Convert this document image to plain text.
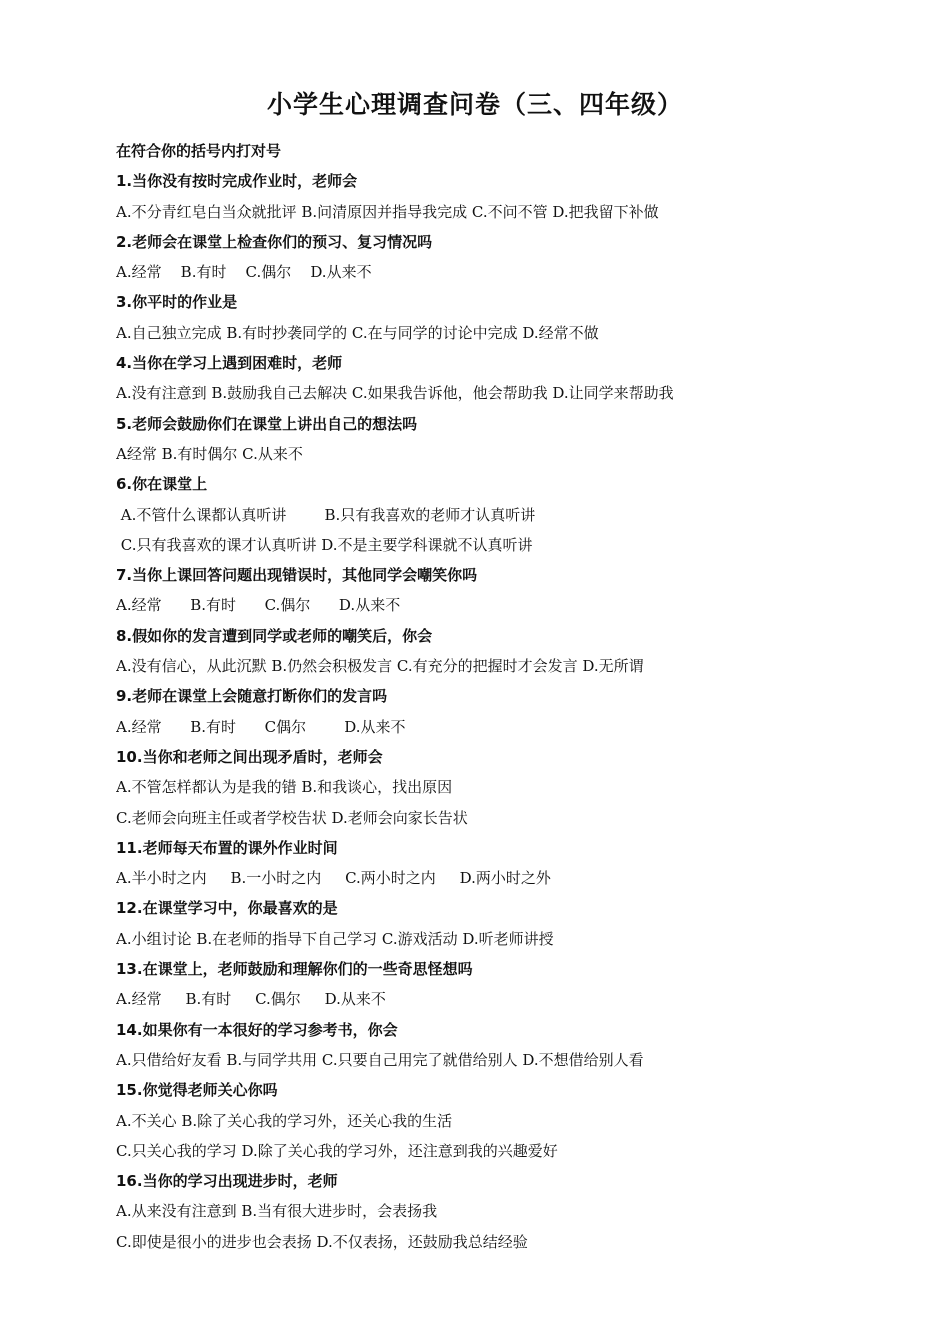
小学生心理调查问卷（三、四年级）
在符合你的括号内打对号
1.当你没有按时完成作业时，老师会
A.不分青红皂白当众就批评 B.问清原因并指导我完成 C.不问不管 D.把我留下补做
2.老师会在课堂上检查你们的预习、复习情况吗
A.经常    B.有时    C.偶尔    D.从来不
3.你平时的作业是
A.自己独立完成 B.有时抄袭同学的 C.在与同学的讨论中完成 D.经常不做
4.当你在学习上遇到困难时，老师
A.没有注意到 B.鼓励我自己去解决 C.如果我告诉他，他会帮助我 D.让同学来帮助我
5.老师会鼓励你们在课堂上讲出自己的想法吗
A经常 B.有时偶尔 C.从来不
6.你在课堂上
A.不管什么课都认真听讲        B.只有我喜欢的老师才认真听讲
C.只有我喜欢的课才认真听讲 D.不是主要学科课就不认真听讲
7.当你上课回答问题出现错误时，其他同学会嘲笑你吗
A.经常      B.有时      C.偶尔      D.从来不
8.假如你的发言遭到同学或老师的嘲笑后，你会
A.没有信心，从此沉默 B.仍然会积极发言 C.有充分的把握时才会发言 D.无所谓
9.老师在课堂上会随意打断你们的发言吗
A.经常      B.有时      C偶尔        D.从来不
10.当你和老师之间出现矛盾时，老师会
A.不管怎样都认为是我的错 B.和我谈心，找出原因
C.老师会向班主任或者学校告状 D.老师会向家长告状
11.老师每天布置的课外作业时间
A.半小时之内     B.一小时之内     C.两小时之内     D.两小时之外
12.在课堂学习中，你最喜欢的是
A.小组讨论 B.在老师的指导下自己学习 C.游戏活动 D.听老师讲授
13.在课堂上，老师鼓励和理解你们的一些奇思怪想吗
A.经常     B.有时     C.偶尔     D.从来不
14.如果你有一本很好的学习参考书，你会
A.只借给好友看 B.与同学共用 C.只要自己用完了就借给别人 D.不想借给别人看
15.你觉得老师关心你吗
A.不关心 B.除了关心我的学习外，还关心我的生活
C.只关心我的学习 D.除了关心我的学习外，还注意到我的兴趣爱好
16.当你的学习出现进步时，老师
A.从来没有注意到 B.当有很大进步时，会表扬我
C.即使是很小的进步也会表扬 D.不仅表扬，还鼓励我总结经验
